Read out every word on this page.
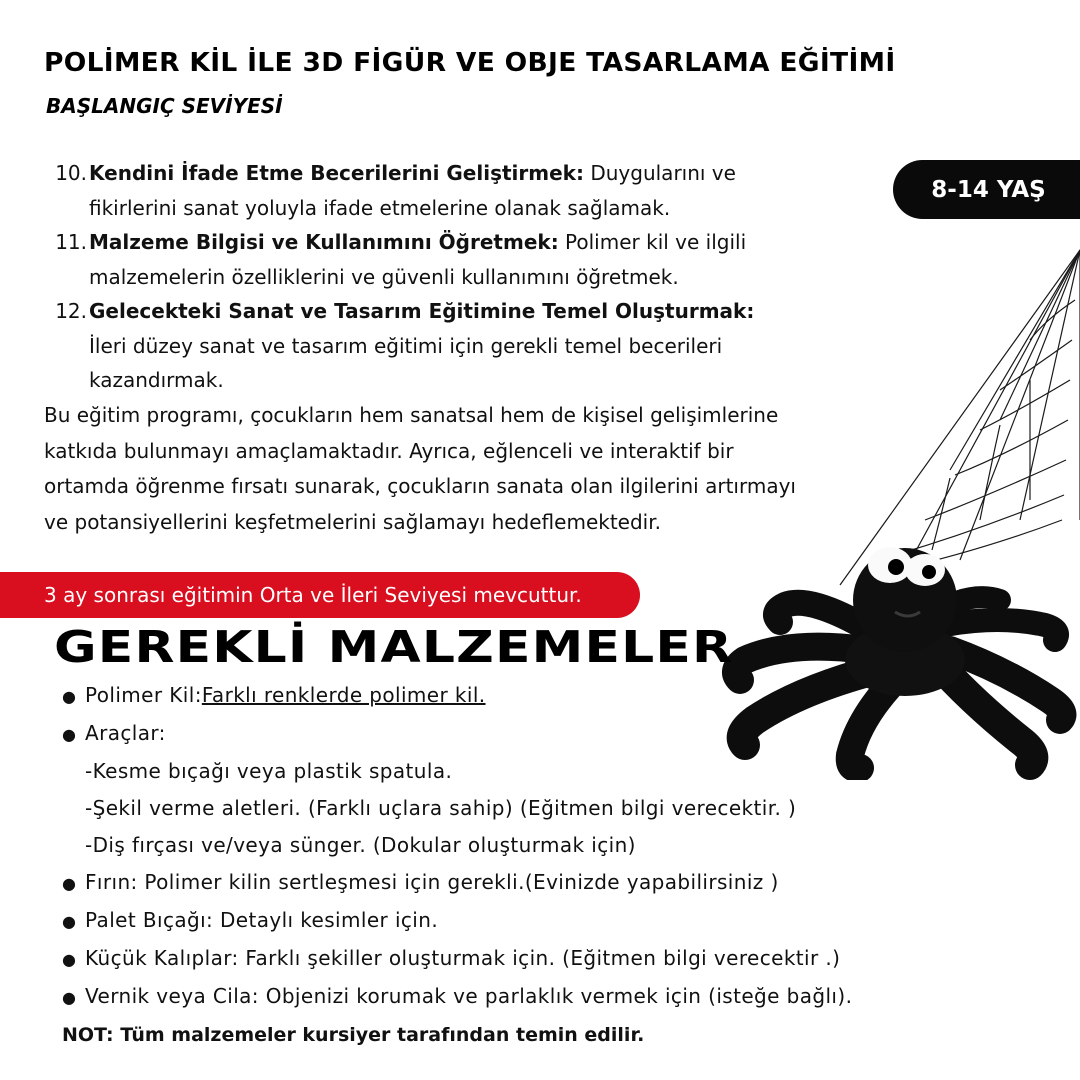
POLİMER KİL İLE 3D FİGÜR VE OBJE TASARLAMA EĞİTİMİ
BAŞLANGIÇ SEVİYESİ
8-14 YAŞ
10. Kendini İfade Etme Becerilerini Geliştirmek: Duygularını ve fikirlerini sanat yoluyla ifade etmelerine olanak sağlamak.
11. Malzeme Bilgisi ve Kullanımını Öğretmek: Polimer kil ve ilgili malzemelerin özelliklerini ve güvenli kullanımını öğretmek.
12. Gelecekteki Sanat ve Tasarım Eğitimine Temel Oluşturmak: İleri düzey sanat ve tasarım eğitimi için gerekli temel becerileri kazandırmak.
Bu eğitim programı, çocukların hem sanatsal hem de kişisel gelişimlerine katkıda bulunmayı amaçlamaktadır. Ayrıca, eğlenceli ve interaktif bir ortamda öğrenme fırsatı sunarak, çocukların sanata olan ilgilerini artırmayı ve potansiyellerini keşfetmelerini sağlamayı hedeflemektedir.
3 ay sonrası eğitimin Orta ve İleri Seviyesi mevcuttur.
GEREKLİ MALZEMELER
● Polimer Kil: Farklı renklerde polimer kil.
● Araçlar:
-Kesme bıçağı veya plastik spatula.
-Şekil verme aletleri. (Farklı uçlara sahip) (Eğitmen bilgi verecektir. )
-Diş fırçası ve/veya sünger. (Dokular oluşturmak için)
● Fırın: Polimer kilin sertleşmesi için gerekli.(Evinizde yapabilirsiniz )
● Palet Bıçağı: Detaylı kesimler için.
● Küçük Kalıplar: Farklı şekiller oluşturmak için. (Eğitmen bilgi verecektir .)
● Vernik veya Cila: Objenizi korumak ve parlaklık vermek için (isteğe bağlı).
NOT: Tüm malzemeler kursiyer tarafından temin edilir.
